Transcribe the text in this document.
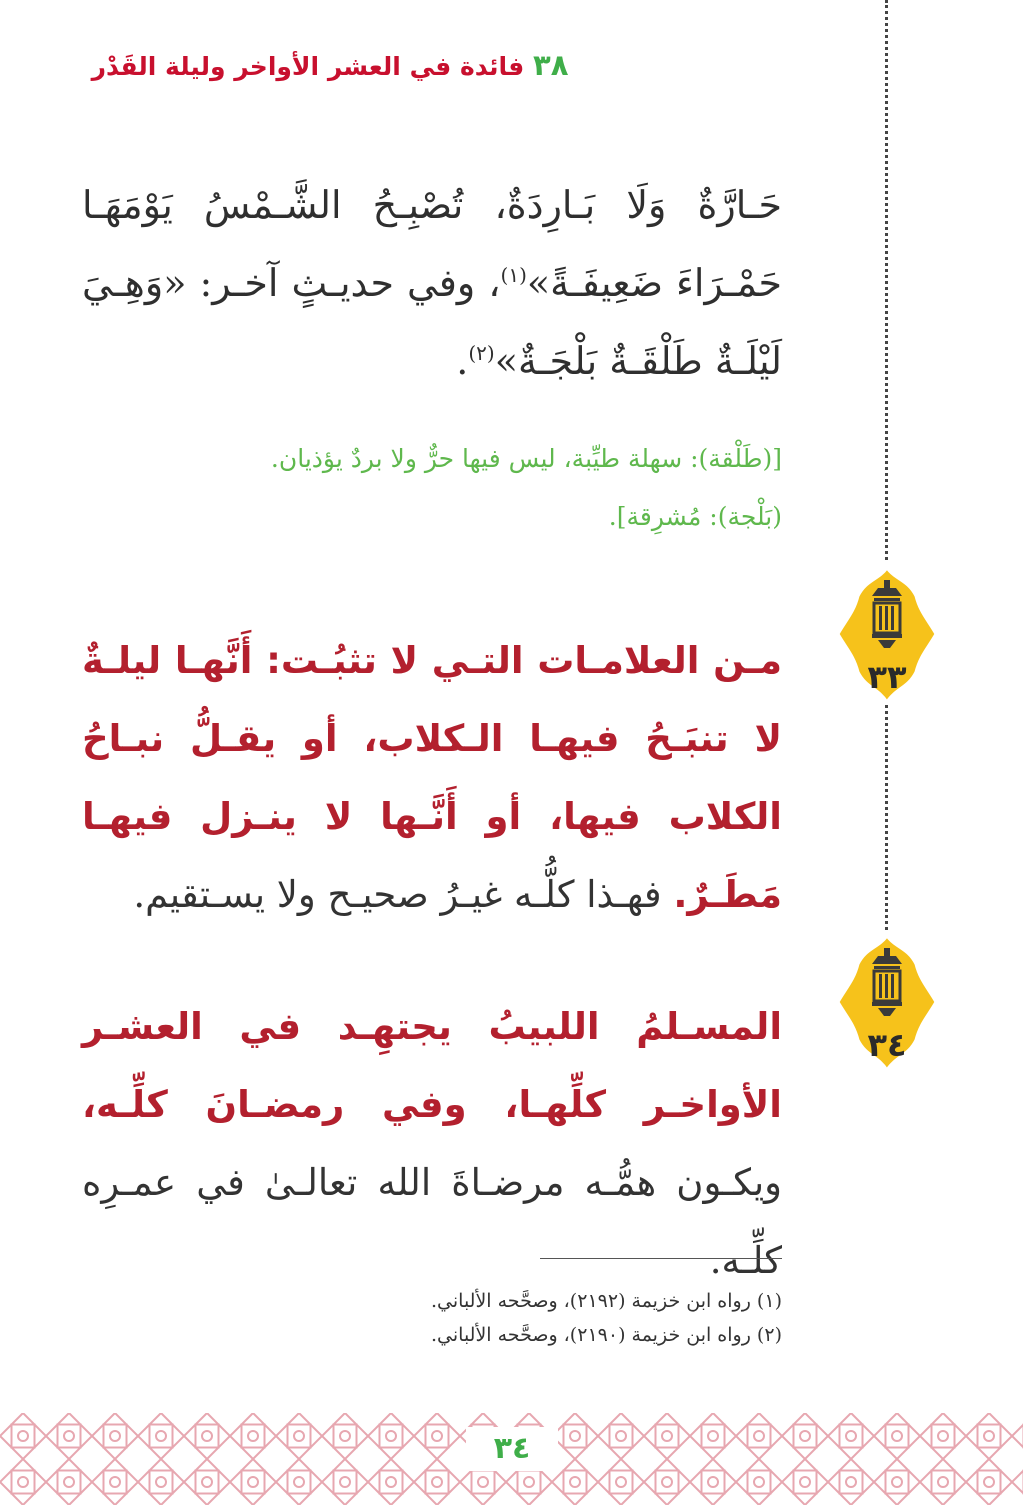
٣٨ فائدة في العشر الأواخر وليلة القَدْر
حَـارَّةٌ وَلَا بَـارِدَةٌ، تُصْبِـحُ الشَّـمْسُ يَوْمَهَـا حَمْـرَاءَ ضَعِيفَـةً»$^{(١)}$، وفي حديـثٍ آخـر: «وَهِـيَ لَيْلَـةٌ طَلْقَـةٌ بَلْجَـةٌ»$^{(٢)}$.

[(طَلْقة): سهلة طيِّبة، ليس فيها حرٌّ ولا بردٌ يؤذيان.

(بَلْجة): مُشرِقة].

٣٣
مـن العلامـات التـي لا تثبُـت: أَنَّهـا ليلـةٌ لا تنبَـحُ فيهـا الـكلاب، أو يقـلُّ نبـاحُ الكلاب فيها، أو أَنَّـها لا ينـزل فيهـا مَطَـرٌ. فهـذا كلُّـه غيـرُ صحيـح ولا يسـتقيم.
٣٤
المسـلمُ اللبيبُ يجتهِـد في العشـر الأواخـر كلِّهـا، وفي رمضـانَ كلِّـه، ويكـون همُّـه مرضـاةَ الله تعالـىٰ في عمـرِه كلِّـه.

(١) رواه ابن خزيمة (٢١٩٢)، وصحَّحه الألباني.

(٢) رواه ابن خزيمة (٢١٩٠)، وصحَّحه الألباني.

٣٤
